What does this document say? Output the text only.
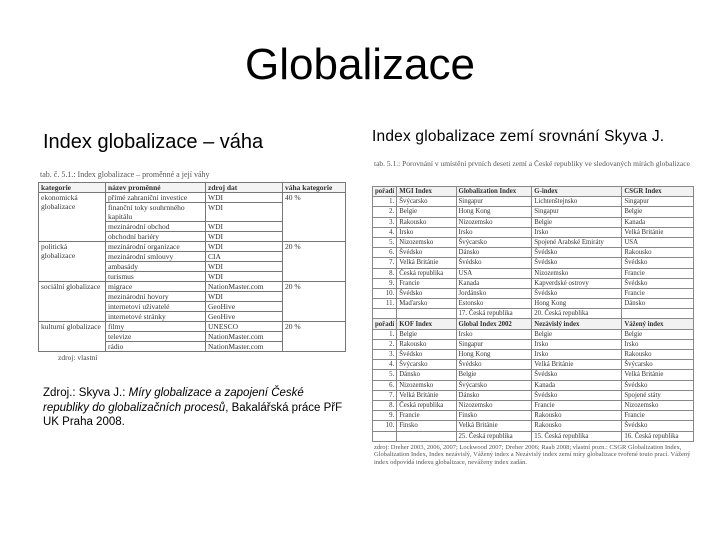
Globalizace
Index globalizace – váha	Index globalizace zemí srovnání Skyva J.
tab. č. 5.1.: Index globalizace – proměnné a její váhy
kategorie	název proměnné	zdroj dat	váha kategorie
ekonomická globalizace	přímé zahraniční investice	WDI	40 %
	finanční toky souhrnného kapitálu	WDI	
	mezinárodní obchod	WDI	
	obchodní bariéry	WDI	
politická globalizace	mezinárodní organizace	WDI	20 %
	mezinárodní smlouvy	CIA	
	ambasády	WDI	
	turismus	WDI	
sociální globalizace	migrace	NationMaster.com	20 %
	mezinárodní hovory	WDI	
	internetoví uživatelé	GeoHive	
	internetové stránky	GeoHive	
kulturní globalizace	filmy	UNESCO	20 %
	televize	NationMaster.com	
	rádio	NationMaster.com	
zdroj: vlastní
Zdroj.: Skyva J.: Míry globalizace a zapojení České republiky do globalizačních procesů, Bakalářská práce PřF UK Praha 2008.
tab. 5.1.: Porovnání v umístění prvních deseti zemí a České republiky ve sledovaných mírách globalizace
pořadí	MGI Index	Globalization Index	G-index	CSGR Index
1.	Švýcarsko	Singapur	Lichtenštejnsko	Singapur
2.	Belgie	Hong Kong	Singapur	Belgie
3.	Rakousko	Nizozemsko	Belgie	Kanada
4.	Irsko	Irsko	Irsko	Velká Británie
5.	Nizozemsko	Švýcarsko	Spojené Arabské Emiráty	USA
6.	Švédsko	Dánsko	Švédsko	Rakousko
7.	Velká Británie	Švédsko	Švédsko	Švédsko
8.	Česká republika	USA	Nizozemsko	Francie
9.	Francie	Kanada	Kapverdské ostrovy	Švédsko
10.	Švédsko	Jordánsko	Švédsko	Francie
11.	Maďarsko	Estonsko	Hong Kong	Dánsko
		17. Česká republika	20. Česká republika	
pořadí	KOF Index	Global Index 2002	Nezávislý index	Vážený index
1.	Belgie	Irsko	Belgie	Belgie
2.	Rakousko	Singapur	Irsko	Irsko
3.	Švédsko	Hong Kong	Irsko	Rakousko
4.	Švýcarsko	Švédsko	Velká Británie	Švýcarsko
5.	Dánsko	Belgie	Švédsko	Velká Británie
6.	Nizozemsko	Švýcarsko	Kanada	Švédsko
7.	Velká Británie	Dánsko	Švédsko	Spojené státy
8.	Česká republika	Nizozemsko	Francie	Nizozemsko
9.	Francie	Finsko	Rakousko	Francie
10.	Finsko	Velká Británie	Rakousko	Švédsko
		25. Česká republika	15. Česká republika	16. Česká republika
zdroj: Dreher 2003, 2006, 2007; Lockwood 2007; Dreher 2006; Raab 2008; vlastní pozn.: CSGR Globalization Index, Globalization Index, Index nezávislý, Vážený index a Nezávislý index zemí míry globalizace tvořené touto prací. Vážený index odpovídá indexu globalizace, neváženy index zadán.
